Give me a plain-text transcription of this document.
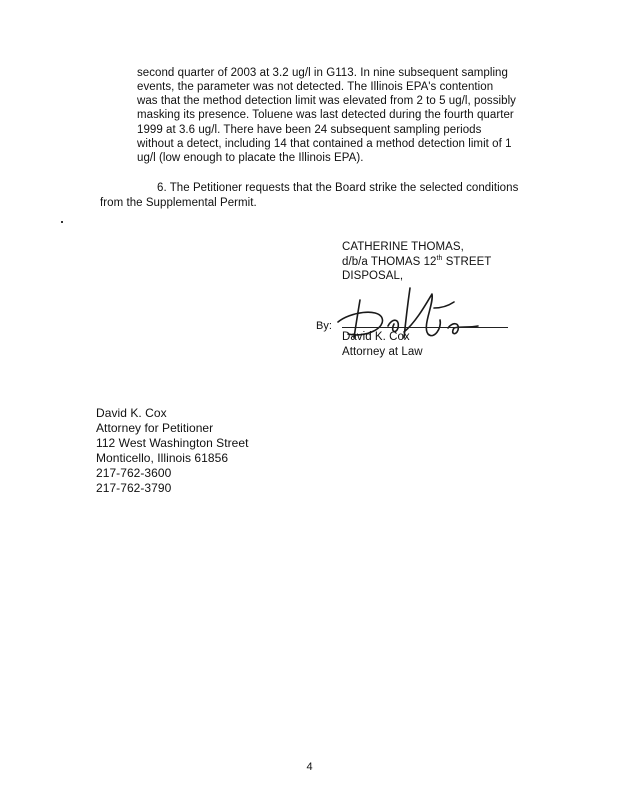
second quarter of 2003 at 3.2 ug/l in G113. In nine subsequent sampling
events, the parameter was not detected. The Illinois EPA's contention
was that the method detection limit was elevated from 2 to 5 ug/l, possibly
masking its presence. Toluene was last detected during the fourth quarter
1999 at 3.6 ug/l. There have been 24 subsequent sampling periods
without a detect, including 14 that contained a method detection limit of 1
ug/l (low enough to placate the Illinois EPA).
6. The Petitioner requests that the Board strike the selected conditions
from the Supplemental Permit.
CATHERINE THOMAS,
d/b/a THOMAS 12th STREET
DISPOSAL,
By:
David K. Cox
Attorney at Law
David K. Cox
Attorney for Petitioner
112 West Washington Street
Monticello, Illinois 61856
217-762-3600
217-762-3790
4
